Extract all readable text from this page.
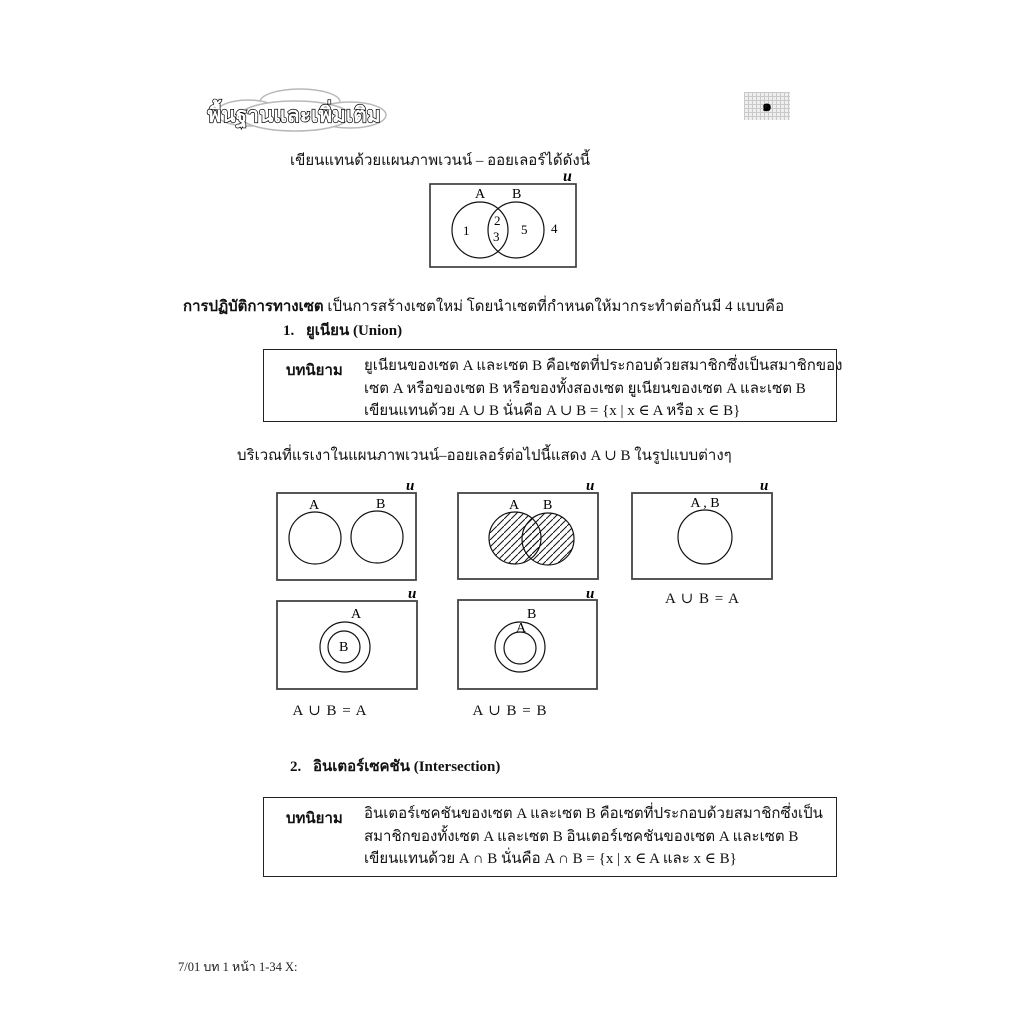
พื้นฐานและเพิ่มเติม	๑
เขียนแทนด้วยแผนภาพเวนน์ – ออยเลอร์ได้ดังนี้
u
A B
1
2
3 5 4
การปฏิบัติการทางเซต เป็นการสร้างเซตใหม่ โดยนำเซตที่กำหนดให้มากระทำต่อกันมี 4 แบบคือ
1. ยูเนียน (Union)
บทนิยาม ยูเนียนของเซต A และเซต B คือเซตที่ประกอบด้วยสมาชิกซึ่งเป็นสมาชิกของ
เซต A หรือของเซต B หรือของทั้งสองเซต ยูเนียนของเซต A และเซต B
เขียนแทนด้วย A ∪ B นั่นคือ A ∪ B = {x | x ∈ A หรือ x ∈ B}
บริเวณที่แรเงาในแผนภาพเวนน์–ออยเลอร์ต่อไปนี้แสดง A ∪ B ในรูปแบบต่างๆ
u
A	B
u
A B
u
A , B
A ∪ B = A
u
A
B
A ∪ B = A
u
B
A
A ∪ B = B
2. อินเตอร์เซคชัน (Intersection)
บทนิยาม อินเตอร์เซคชันของเซต A และเซต B คือเซตที่ประกอบด้วยสมาชิกซึ่งเป็น
สมาชิกของทั้งเซต A และเซต B อินเตอร์เซคชันของเซต A และเซต B
เขียนแทนด้วย A ∩ B นั่นคือ A ∩ B = {x | x ∈ A และ x ∈ B}
7/01 บท 1 หน้า 1-34 X:
